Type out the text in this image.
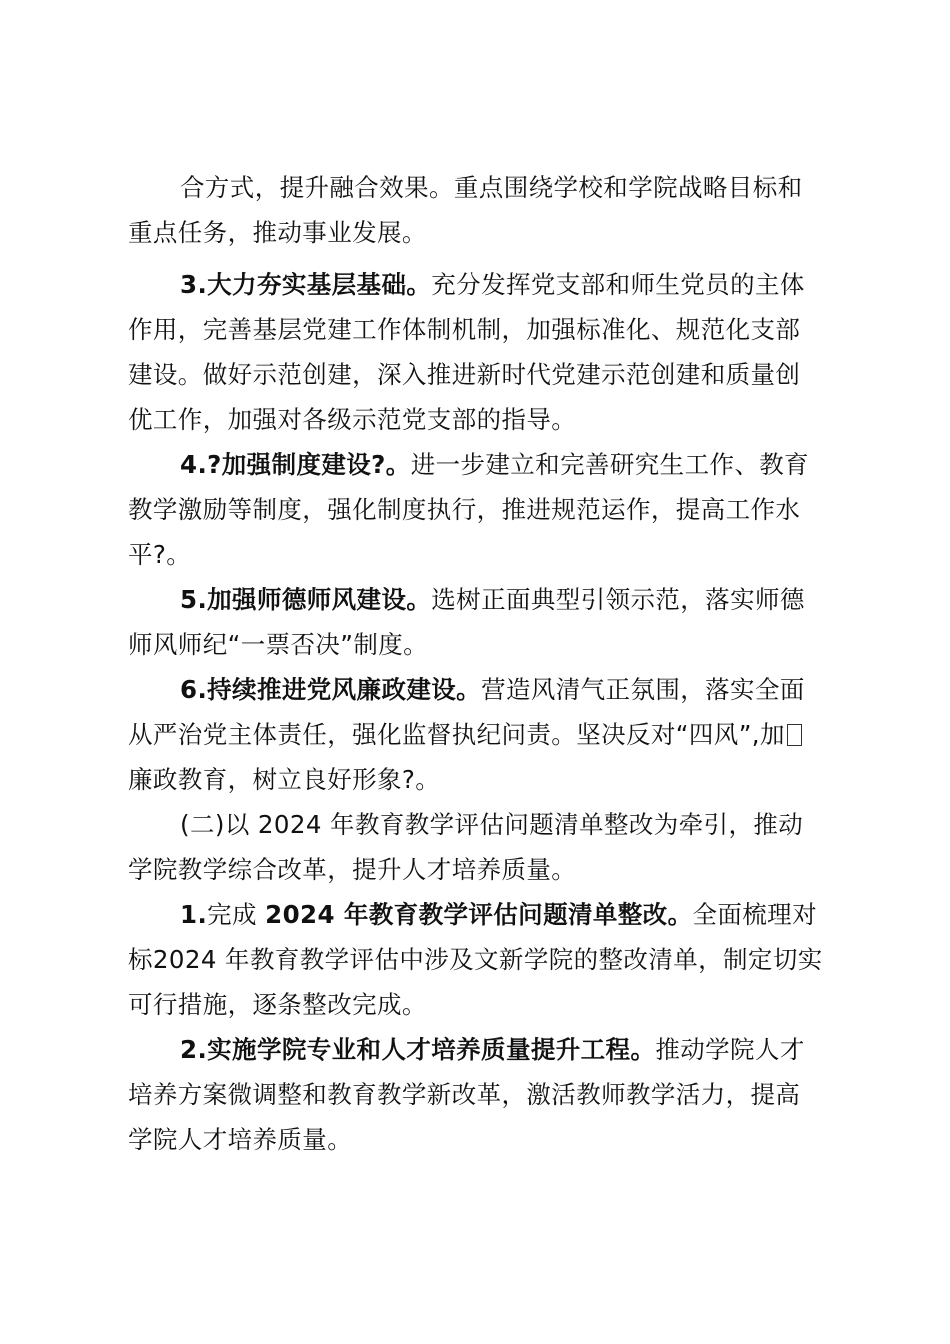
合方式，提升融合效果。重点围绕学校和学院战略目标和
重点任务，推动事业发展。
3.大力夯实基层基础。充分发挥党支部和师生党员的主体
作用，完善基层党建工作体制机制，加强标准化、规范化支部
建设。做好示范创建，深入推进新时代党建示范创建和质量创
优工作，加强对各级示范党支部的指导。
4.?加强制度建设?。进一步建立和完善研究生工作、教育
教学激励等制度，强化制度执行，推进规范运作，提高工作水
平?。
5.加强师德师风建设。选树正面典型引领示范，落实师德
师风师纪“一票否决”制度。
6.持续推进党风廉政建设。营造风清气正氛围，落实全面
从严治党主体责任，强化监督执纪问责。坚决反对“四风”,加
廉政教育，树立良好形象?。
(二)以 2024 年教育教学评估问题清单整改为牵引，推动
学院教学综合改革，提升人才培养质量。
1.完成 2024 年教育教学评估问题清单整改。全面梳理对
标2024 年教育教学评估中涉及文新学院的整改清单，制定切实
可行措施，逐条整改完成。
2.实施学院专业和人才培养质量提升工程。推动学院人才
培养方案微调整和教育教学新改革，激活教师教学活力，提高
学院人才培养质量。
